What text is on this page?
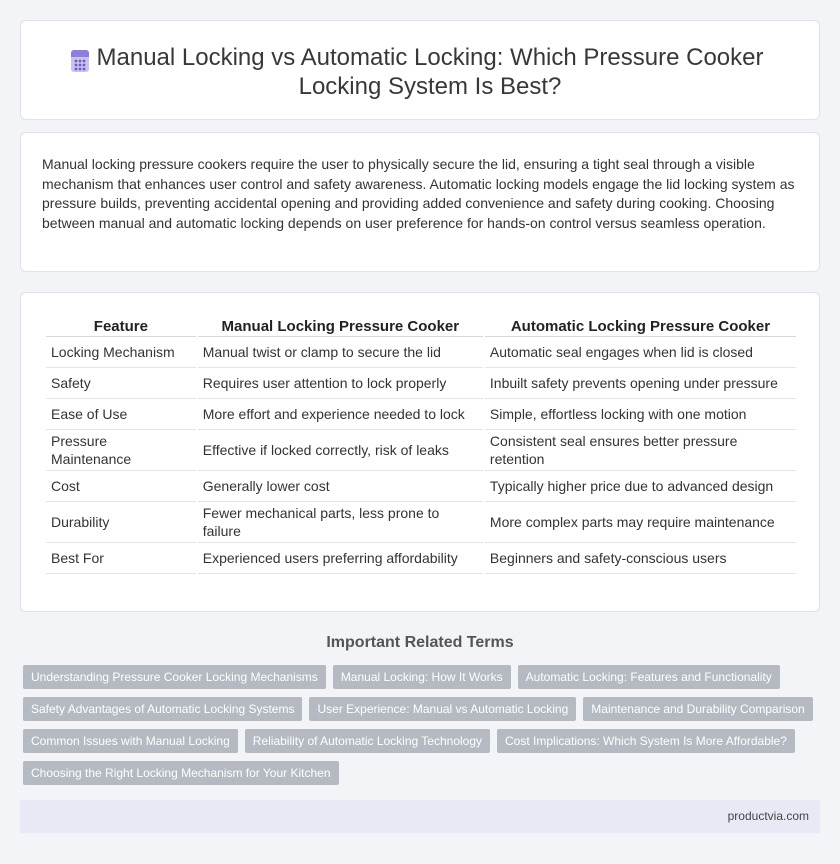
Manual Locking vs Automatic Locking: Which Pressure Cooker Locking System Is Best?

Manual locking pressure cookers require the user to physically secure the lid, ensuring a tight seal through a visible mechanism that enhances user control and safety awareness. Automatic locking models engage the lid locking system as pressure builds, preventing accidental opening and providing added convenience and safety during cooking. Choosing between manual and automatic locking depends on user preference for hands-on control versus seamless operation.

Feature	Manual Locking Pressure Cooker	Automatic Locking Pressure Cooker
Locking Mechanism	Manual twist or clamp to secure the lid	Automatic seal engages when lid is closed
Safety	Requires user attention to lock properly	Inbuilt safety prevents opening under pressure
Ease of Use	More effort and experience needed to lock	Simple, effortless locking with one motion
Pressure Maintenance	Effective if locked correctly, risk of leaks	Consistent seal ensures better pressure retention
Cost	Generally lower cost	Typically higher price due to advanced design
Durability	Fewer mechanical parts, less prone to failure	More complex parts may require maintenance
Best For	Experienced users preferring affordability	Beginners and safety-conscious users
Important Related Terms
Understanding Pressure Cooker Locking Mechanisms	Manual Locking: How It Works	Automatic Locking: Features and Functionality
Safety Advantages of Automatic Locking Systems	User Experience: Manual vs Automatic Locking	Maintenance and Durability Comparison
Common Issues with Manual Locking	Reliability of Automatic Locking Technology	Cost Implications: Which System Is More Affordable?
Choosing the Right Locking Mechanism for Your Kitchen
productvia.com
